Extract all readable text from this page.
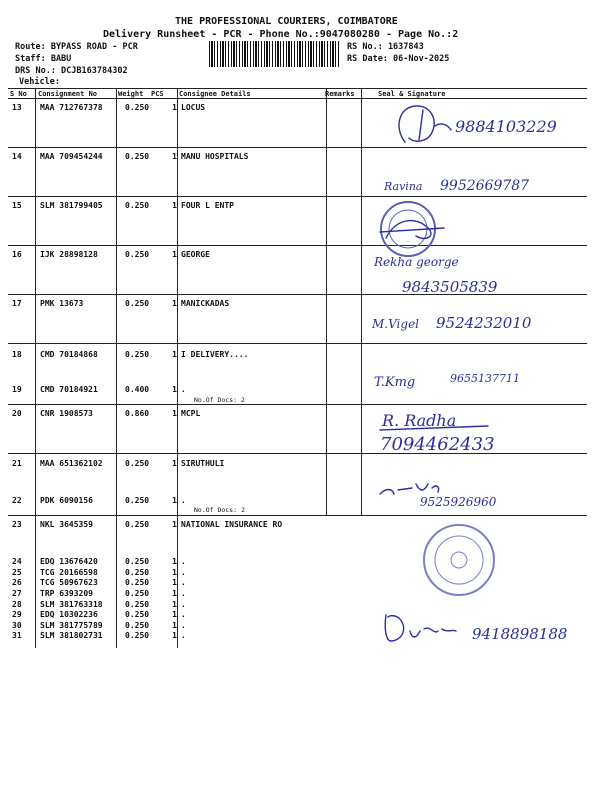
THE PROFESSIONAL COURIERS, COIMBATORE
Delivery Runsheet - PCR - Phone No.:9047080280 - Page No.:2
Route: BYPASS ROAD - PCR
Staff: BABU
DRS No.: DCJB163784302
Vehicle:
RS No.: 1637843
RS Date: 06-Nov-2025
S No Consignment No	Weight PCS Consignee Details	Remarks	Seal & Signature
13 MAA 712767378	0.250	1 LOCUS
14 MAA 709454244	0.250	1 MANU HOSPITALS
15 SLM 381799405	0.250	1 FOUR L ENTP
16 IJK 28898128	0.250	1 GEORGE
17 PMK 13673	0.250	1 MANICKADAS
18 CMD 70184868	0.250	1 I DELIVERY....
19 CMD 70184921	0.400	1 .
No.Of Docs: 2
20 CNR 1908573	0.860	1 MCPL
21 MAA 651362102	0.250	1 SIRUTHULI
22 PDK 6090156	0.250	1 .
No.Of Docs: 2
23 NKL 3645359	0.250	1 NATIONAL INSURANCE RO
24 EDQ 13676420	0.250	1 .
25 TCG 20166598	0.250	1 .
26 TCG 50967623	0.250	1 .
27 TRP 6393209	0.250	1 .
28 SLM 381763318	0.250	1 .
29 EDQ 10302236	0.250	1 .
30 SLM 381775789	0.250	1 .
31 SLM 381802731	0.250	1 .
9884103229
Ravina 9952669787
Rekha george
9843505839
M.Vigel 9524232010
T.Kmg	9655137711
R. Radha
7094462433
9525926960
9418898188
